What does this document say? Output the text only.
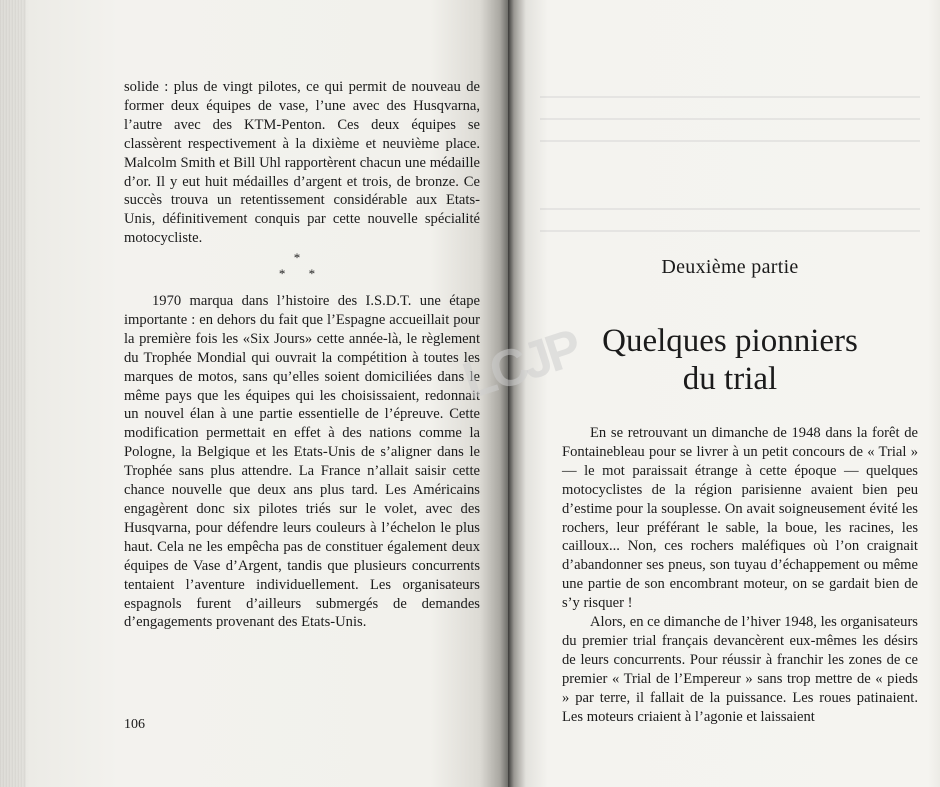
solide : plus de vingt pilotes, ce qui permit de nouveau de former deux équipes de vase, l’une avec des Husqvarna, l’autre avec des KTM-Penton. Ces deux équipes se classèrent respectivement à la dixième et neuvième place. Malcolm Smith et Bill Uhl rapportèrent chacun une médaille d’or. Il y eut huit médailles d’argent et trois, de bronze. Ce succès trouva un retentissement considérable aux Etats-Unis, définitivement conquis par cette nouvelle spécialité motocycliste.

*
* *

1970 marqua dans l’histoire des I.S.D.T. une étape importante : en dehors du fait que l’Espagne accueillait pour la première fois les «Six Jours» cette année-là, le règlement du Trophée Mondial qui ouvrait la compétition à toutes les marques de motos, sans qu’elles soient domiciliées dans le même pays que les équipes qui les choisissaient, redonnait un nouvel élan à une partie essentielle de l’épreuve. Cette modification permettait en effet à des nations comme la Pologne, la Belgique et les Etats-Unis de s’aligner dans le Trophée sans plus attendre. La France n’allait saisir cette chance nouvelle que deux ans plus tard. Les Américains engagèrent donc six pilotes triés sur le volet, avec des Husqvarna, pour défendre leurs couleurs à l’échelon le plus haut. Cela ne les empêcha pas de constituer également deux équipes de Vase d’Argent, tandis que plusieurs concurrents tentaient l’aventure individuellement. Les organisateurs espagnols furent d’ailleurs submergés de demandes d’engagements provenant des Etats-Unis.

106
Deuxième partie
Quelques pionniers
du trial

En se retrouvant un dimanche de 1948 dans la forêt de Fontainebleau pour se livrer à un petit concours de « Trial » — le mot paraissait étrange à cette époque — quelques motocyclistes de la région parisienne avaient bien peu d’estime pour la souplesse. On avait soigneusement évité les rochers, leur préférant le sable, la boue, les racines, les cailloux... Non, ces rochers maléfiques où l’on craignait d’abandonner ses pneus, son tuyau d’échappement ou même une partie de son encombrant moteur, on se gardait bien de s’y risquer !

Alors, en ce dimanche de l’hiver 1948, les organisateurs du premier trial français devancèrent eux-mêmes les désirs de leurs concurrents. Pour réussir à franchir les zones de ce premier « Trial de l’Empereur » sans trop mettre de « pieds » par terre, il fallait de la puissance. Les roues patinaient. Les moteurs criaient à l’agonie et laissaient

LCJP
